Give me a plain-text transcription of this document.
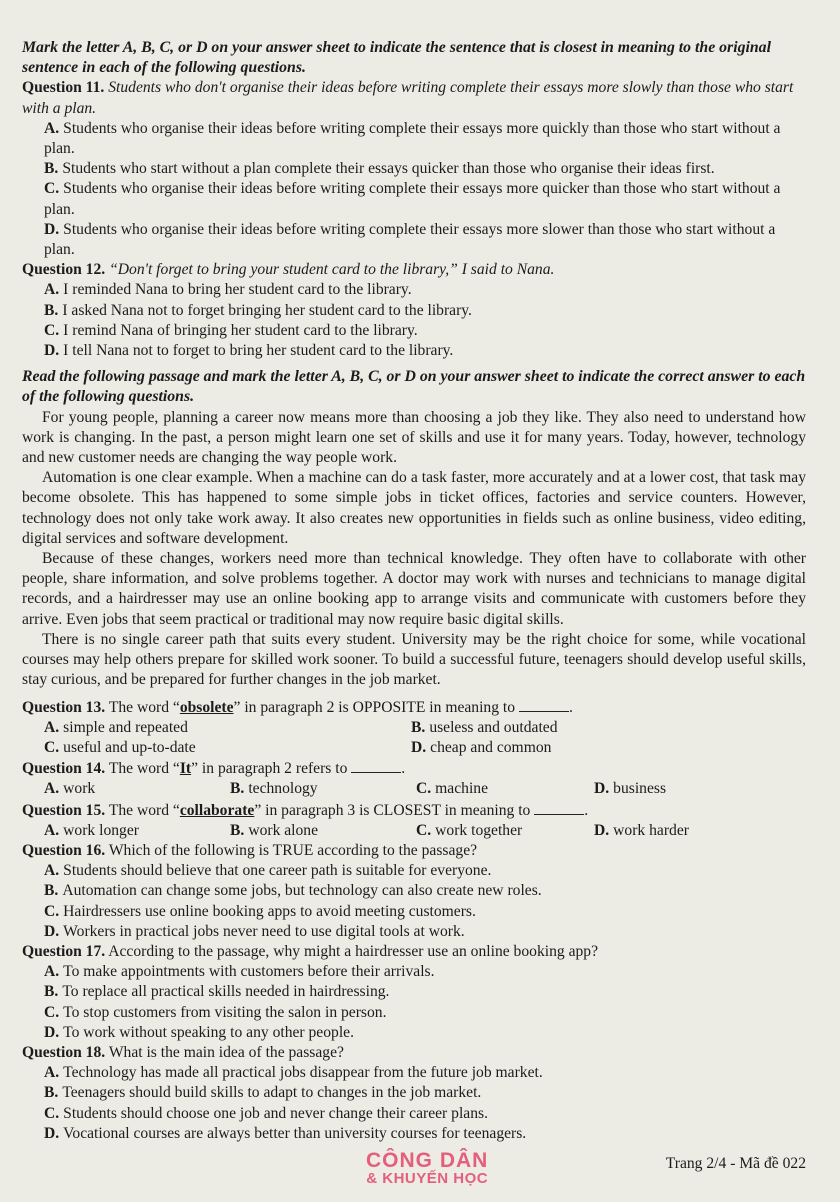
Mark the letter A, B, C, or D on your answer sheet to indicate the sentence that is closest in meaning to the original sentence in each of the following questions.

Question 11. Students who don't organise their ideas before writing complete their essays more slowly than those who start with a plan.

A. Students who organise their ideas before writing complete their essays more quickly than those who start without a plan.

B. Students who start without a plan complete their essays quicker than those who organise their ideas first.

C. Students who organise their ideas before writing complete their essays more quicker than those who start without a plan.

D. Students who organise their ideas before writing complete their essays more slower than those who start without a plan.

Question 12. “Don't forget to bring your student card to the library,” I said to Nana.

A. I reminded Nana to bring her student card to the library.

B. I asked Nana not to forget bringing her student card to the library.

C. I remind Nana of bringing her student card to the library.

D. I tell Nana not to forget to bring her student card to the library.

Read the following passage and mark the letter A, B, C, or D on your answer sheet to indicate the correct answer to each of the following questions.

For young people, planning a career now means more than choosing a job they like. They also need to understand how work is changing. In the past, a person might learn one set of skills and use it for many years. Today, however, technology and new customer needs are changing the way people work.

Automation is one clear example. When a machine can do a task faster, more accurately and at a lower cost, that task may become obsolete. This has happened to some simple jobs in ticket offices, factories and service counters. However, technology does not only take work away. It also creates new opportunities in fields such as online business, video editing, digital services and software development.

Because of these changes, workers need more than technical knowledge. They often have to collaborate with other people, share information, and solve problems together. A doctor may work with nurses and technicians to manage digital records, and a hairdresser may use an online booking app to arrange visits and communicate with customers before they arrive. Even jobs that seem practical or traditional may now require basic digital skills.

There is no single career path that suits every student. University may be the right choice for some, while vocational courses may help others prepare for skilled work sooner. To build a successful future, teenagers should develop useful skills, stay curious, and be prepared for further changes in the job market.

Question 13. The word “obsolete” in paragraph 2 is OPPOSITE in meaning to	.

A. simple and repeated	B. useless and outdated
C. useful and up-to-date	D. cheap and common

Question 14. The word “It” in paragraph 2 refers to	.

A. work	B. technology	C. machine	D. business

Question 15. The word “collaborate” in paragraph 3 is CLOSEST in meaning to	.

A. work longer	B. work alone	C. work together	D. work harder

Question 16. Which of the following is TRUE according to the passage?

A. Students should believe that one career path is suitable for everyone.

B. Automation can change some jobs, but technology can also create new roles.

C. Hairdressers use online booking apps to avoid meeting customers.

D. Workers in practical jobs never need to use digital tools at work.

Question 17. According to the passage, why might a hairdresser use an online booking app?

A. To make appointments with customers before their arrivals.

B. To replace all practical skills needed in hairdressing.

C. To stop customers from visiting the salon in person.

D. To work without speaking to any other people.

Question 18. What is the main idea of the passage?

A. Technology has made all practical jobs disappear from the future job market.

B. Teenagers should build skills to adapt to changes in the job market.

C. Students should choose one job and never change their career plans.

D. Vocational courses are always better than university courses for teenagers.

CÔNG DÂN
& KHUYẾN HỌC
Trang 2/4 - Mã đề 022
